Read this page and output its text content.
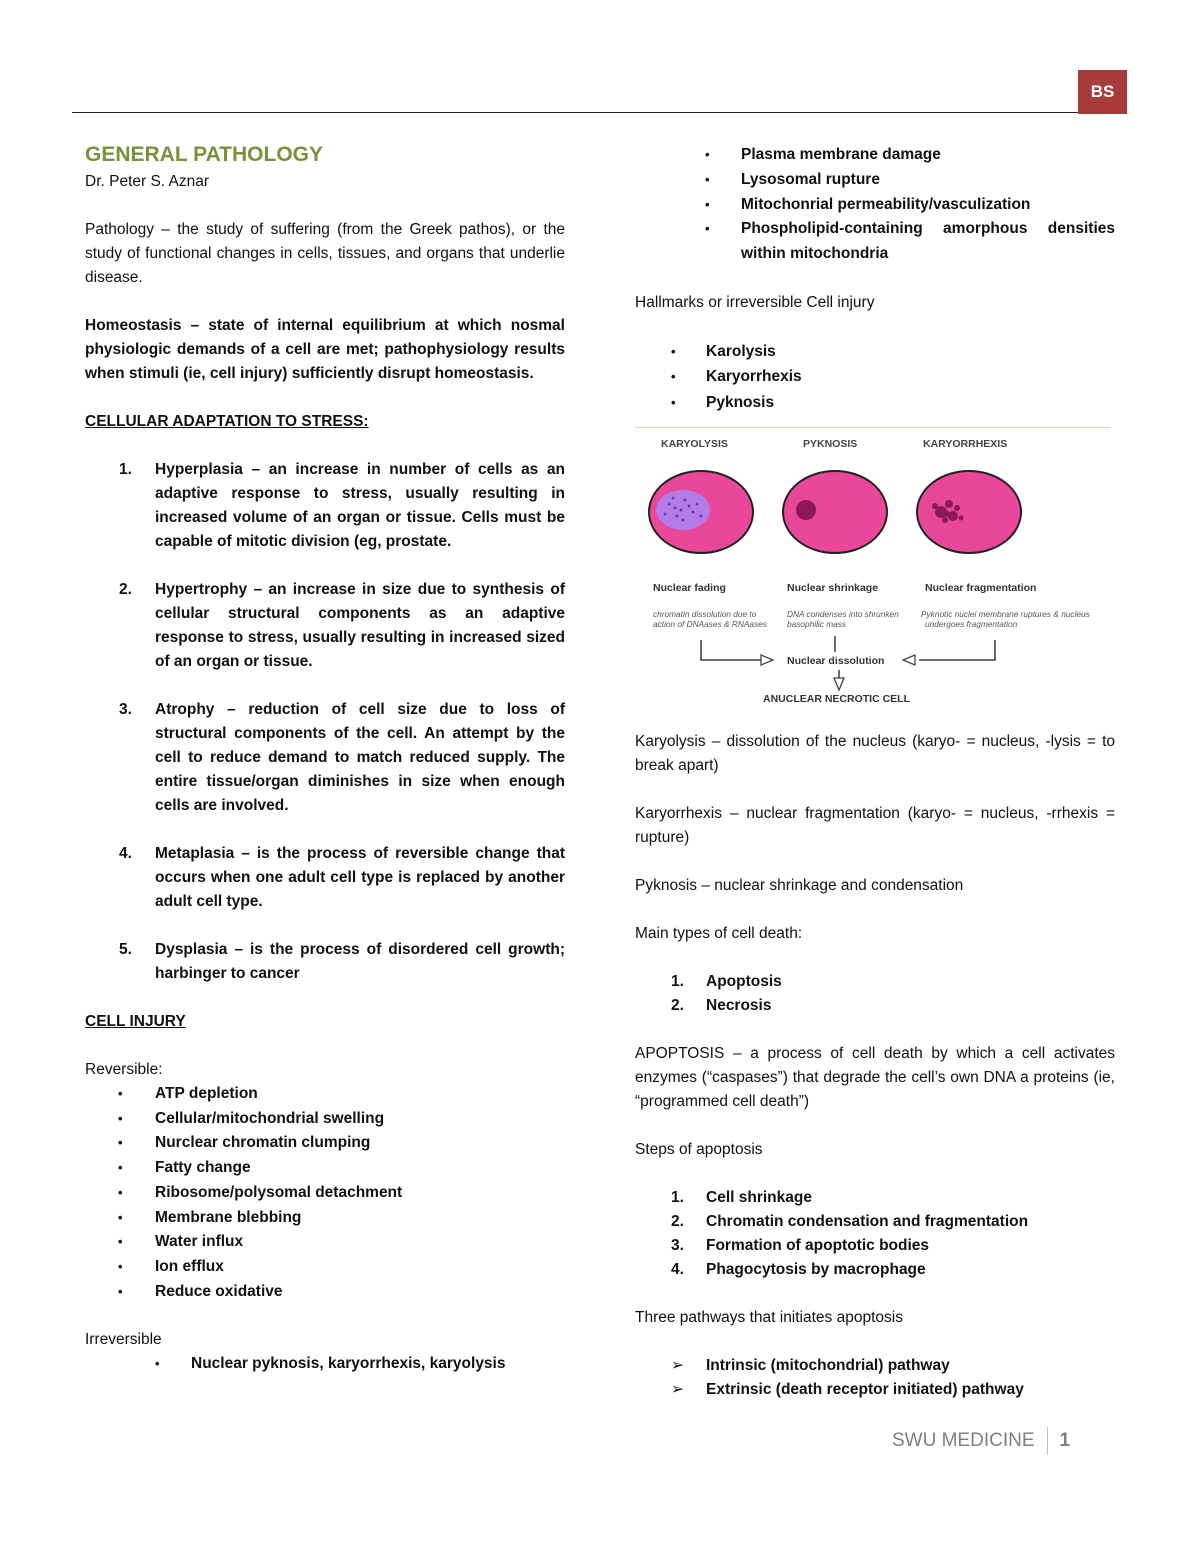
BS
GENERAL PATHOLOGY

Dr. Peter S. Aznar

Pathology – the study of suffering (from the Greek pathos), or the study of functional changes in cells, tissues, and organs that underlie disease.

Homeostasis – state of internal equilibrium at which nosmal physiologic demands of a cell are met; pathophysiology results when stimuli (ie, cell injury) sufficiently disrupt homeostasis.

CELLULAR ADAPTATION TO STRESS:

1. Hyperplasia – an increase in number of cells as an adaptive response to stress, usually resulting in increased volume of an organ or tissue. Cells must be capable of mitotic division (eg, prostate.
2. Hypertrophy – an increase in size due to synthesis of cellular structural components as an adaptive response to stress, usually resulting in increased sized of an organ or tissue.
3. Atrophy – reduction of cell size due to loss of structural components of the cell. An attempt by the cell to reduce demand to match reduced supply. The entire tissue/organ diminishes in size when enough cells are involved.
4. Metaplasia – is the process of reversible change that occurs when one adult cell type is replaced by another adult cell type.
5. Dysplasia – is the process of disordered cell growth; harbinger to cancer

CELL INJURY

Reversible:

• ATP depletion
• Cellular/mitochondrial swelling
• Nurclear chromatin clumping
• Fatty change
• Ribosome/polysomal detachment
• Membrane blebbing
• Water influx
• Ion efflux
• Reduce oxidative

Irreversible

• Nuclear pyknosis, karyorrhexis, karyolysis
• Plasma membrane damage
• Lysosomal rupture
• Mitochonrial permeability/vasculization
• Phospholipid-containing amorphous densities within mitochondria

Hallmarks or irreversible Cell injury

• Karolysis
• Karyorrhexis
• Pyknosis
KARYOLYSIS	PYKNOSIS	KARYORRHEXIS
Nuclear fading	Nuclear shrinkage	Nuclear fragmentation
chromatin dissolution due to
action of DNAases & RNAases
DNA condenses into shrunken
basophilic mass
Pyknotic nuclei membrane ruptures & nucleus
undergoes fragmentation
Nuclear dissolution
ANUCLEAR NECROTIC CELL

Karyolysis – dissolution of the nucleus (karyo- = nucleus, -lysis = to break apart)

Karyorrhexis – nuclear fragmentation (karyo- = nucleus, -rrhexis = rupture)

Pyknosis – nuclear shrinkage and condensation

Main types of cell death:

1. Apoptosis
2. Necrosis

APOPTOSIS – a process of cell death by which a cell activates enzymes (“caspases”) that degrade the cell’s own DNA a proteins (ie, “programmed cell death”)

Steps of apoptosis

1. Cell shrinkage
2. Chromatin condensation and fragmentation
3. Formation of apoptotic bodies
4. Phagocytosis by macrophage

Three pathways that initiates apoptosis

➢ Intrinsic (mitochondrial) pathway
➢ Extrinsic (death receptor initiated) pathway
SWU MEDICINE 1
